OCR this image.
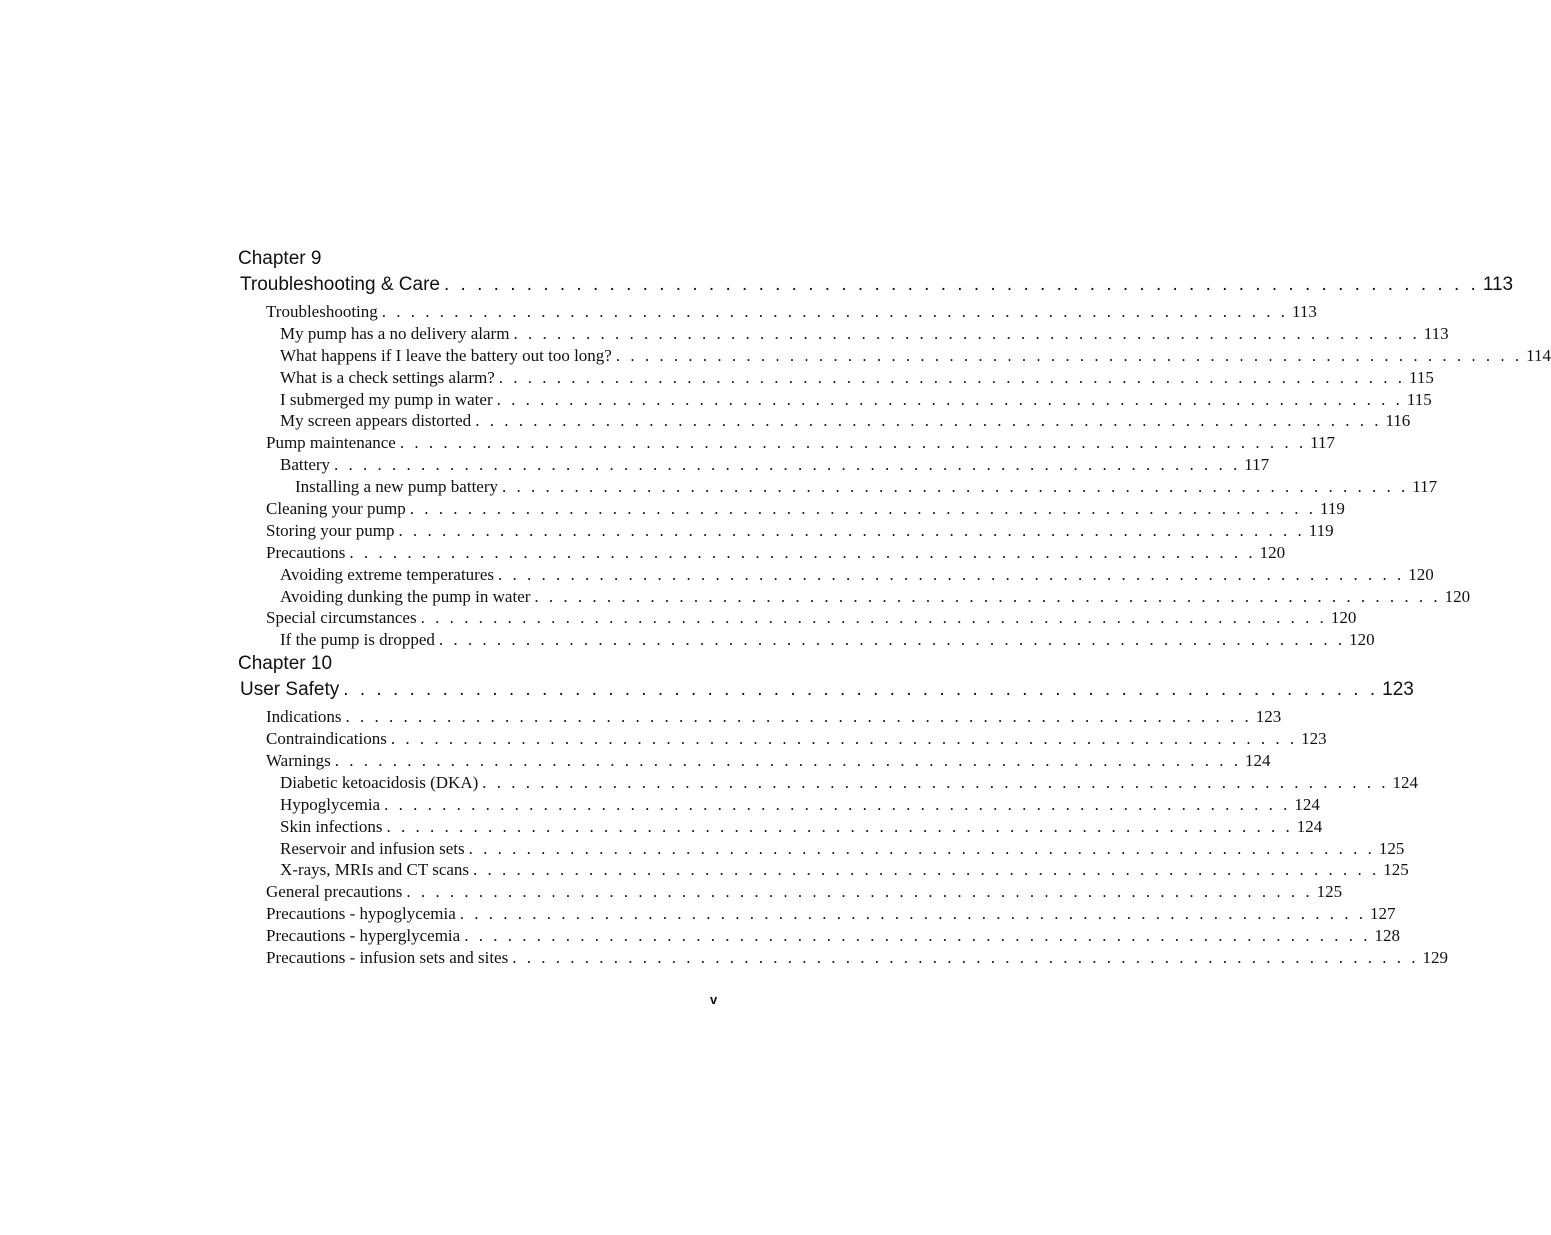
Chapter 9
Troubleshooting & Care . . . . . . . . . . . . . . . . . . . . . . . . . . . . . . . . . . . . . . . . . . . . . . . . . . . . . . . . . . . . . . . 113
Troubleshooting . . . . . . . . . . . . . . . . . . . . . . . . . . . . . . . . . . . . . . . . . . . . . . . . . . . . . . . . . . . . . . . 113
My pump has a no delivery alarm . . . . . . . . . . . . . . . . . . . . . . . . . . . . . . . . . . . . . . . . . . . . . . . . . . . . . . . . . . . . . . . 113
What happens if I leave the battery out too long? . . . . . . . . . . . . . . . . . . . . . . . . . . . . . . . . . . . . . . . . . . . . . . . . . . . . . . . . . . . . . . . 114
What is a check settings alarm? . . . . . . . . . . . . . . . . . . . . . . . . . . . . . . . . . . . . . . . . . . . . . . . . . . . . . . . . . . . . . . . 115
I submerged my pump in water . . . . . . . . . . . . . . . . . . . . . . . . . . . . . . . . . . . . . . . . . . . . . . . . . . . . . . . . . . . . . . . 115
My screen appears distorted . . . . . . . . . . . . . . . . . . . . . . . . . . . . . . . . . . . . . . . . . . . . . . . . . . . . . . . . . . . . . . . 116
Pump maintenance . . . . . . . . . . . . . . . . . . . . . . . . . . . . . . . . . . . . . . . . . . . . . . . . . . . . . . . . . . . . . . . 117
Battery . . . . . . . . . . . . . . . . . . . . . . . . . . . . . . . . . . . . . . . . . . . . . . . . . . . . . . . . . . . . . . . 117
Installing a new pump battery . . . . . . . . . . . . . . . . . . . . . . . . . . . . . . . . . . . . . . . . . . . . . . . . . . . . . . . . . . . . . . . 117
Cleaning your pump . . . . . . . . . . . . . . . . . . . . . . . . . . . . . . . . . . . . . . . . . . . . . . . . . . . . . . . . . . . . . . . 119
Storing your pump . . . . . . . . . . . . . . . . . . . . . . . . . . . . . . . . . . . . . . . . . . . . . . . . . . . . . . . . . . . . . . . 119
Precautions . . . . . . . . . . . . . . . . . . . . . . . . . . . . . . . . . . . . . . . . . . . . . . . . . . . . . . . . . . . . . . . 120
Avoiding extreme temperatures . . . . . . . . . . . . . . . . . . . . . . . . . . . . . . . . . . . . . . . . . . . . . . . . . . . . . . . . . . . . . . . 120
Avoiding dunking the pump in water . . . . . . . . . . . . . . . . . . . . . . . . . . . . . . . . . . . . . . . . . . . . . . . . . . . . . . . . . . . . . . . 120
Special circumstances . . . . . . . . . . . . . . . . . . . . . . . . . . . . . . . . . . . . . . . . . . . . . . . . . . . . . . . . . . . . . . . 120
If the pump is dropped . . . . . . . . . . . . . . . . . . . . . . . . . . . . . . . . . . . . . . . . . . . . . . . . . . . . . . . . . . . . . . . 120
Chapter 10
User Safety . . . . . . . . . . . . . . . . . . . . . . . . . . . . . . . . . . . . . . . . . . . . . . . . . . . . . . . . . . . . . . . 123
Indications . . . . . . . . . . . . . . . . . . . . . . . . . . . . . . . . . . . . . . . . . . . . . . . . . . . . . . . . . . . . . . . 123
Contraindications . . . . . . . . . . . . . . . . . . . . . . . . . . . . . . . . . . . . . . . . . . . . . . . . . . . . . . . . . . . . . . . 123
Warnings . . . . . . . . . . . . . . . . . . . . . . . . . . . . . . . . . . . . . . . . . . . . . . . . . . . . . . . . . . . . . . . 124
Diabetic ketoacidosis (DKA) . . . . . . . . . . . . . . . . . . . . . . . . . . . . . . . . . . . . . . . . . . . . . . . . . . . . . . . . . . . . . . . 124
Hypoglycemia . . . . . . . . . . . . . . . . . . . . . . . . . . . . . . . . . . . . . . . . . . . . . . . . . . . . . . . . . . . . . . . 124
Skin infections . . . . . . . . . . . . . . . . . . . . . . . . . . . . . . . . . . . . . . . . . . . . . . . . . . . . . . . . . . . . . . . 124
Reservoir and infusion sets . . . . . . . . . . . . . . . . . . . . . . . . . . . . . . . . . . . . . . . . . . . . . . . . . . . . . . . . . . . . . . . 125
X-rays, MRIs and CT scans . . . . . . . . . . . . . . . . . . . . . . . . . . . . . . . . . . . . . . . . . . . . . . . . . . . . . . . . . . . . . . . 125
General precautions . . . . . . . . . . . . . . . . . . . . . . . . . . . . . . . . . . . . . . . . . . . . . . . . . . . . . . . . . . . . . . . 125
Precautions - hypoglycemia . . . . . . . . . . . . . . . . . . . . . . . . . . . . . . . . . . . . . . . . . . . . . . . . . . . . . . . . . . . . . . . 127
Precautions - hyperglycemia . . . . . . . . . . . . . . . . . . . . . . . . . . . . . . . . . . . . . . . . . . . . . . . . . . . . . . . . . . . . . . . 128
Precautions - infusion sets and sites . . . . . . . . . . . . . . . . . . . . . . . . . . . . . . . . . . . . . . . . . . . . . . . . . . . . . . . . . . . . . . . 129
v
